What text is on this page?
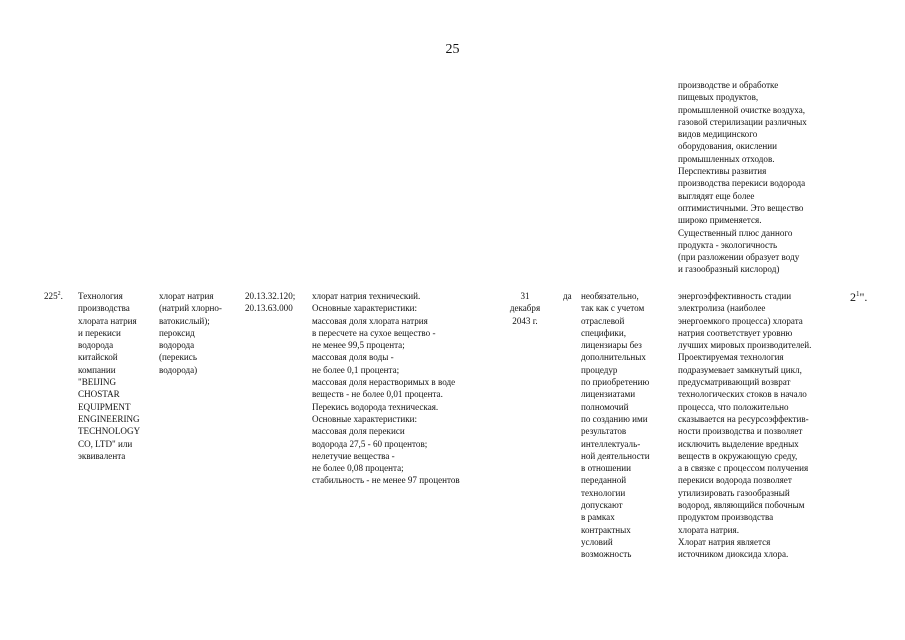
25
производстве и обработке
пищевых продуктов,
промышленной очистке воздуха,
газовой стерилизации различных
видов медицинского
оборудования, окислении
промышленных отходов.
Перспективы развития
производства перекиси водорода
выглядят еще более
оптимистичными. Это вещество
широко применяется.
Существенный плюс данного
продукта - экологичность
(при разложении образует воду
и газообразный кислород)
$225^2$.	Технология
производства
хлората натрия
и перекиси
водорода
китайской
компании
"BEIJING
CHOSTAR
EQUIPMENT
ENGINEERING
TECHNOLOGY
CO, LTD" или
эквивалента
хлорат натрия
(натрий хлорно-
ватокислый);
пероксид
водорода
(перекись
водорода)
20.13.32.120;
20.13.63.000
хлорат натрия технический.
Основные характеристики:
массовая доля хлората натрия
в пересчете на сухое вещество -
не менее 99,5 процента;
массовая доля воды -
не более 0,1 процента;
массовая доля нерастворимых в воде
веществ - не более 0,01 процента.
Перекись водорода техническая.
Основные характеристики:
массовая доля перекиси
водорода 27,5 - 60 процентов;
нелетучие вещества -
не более 0,08 процента;
стабильность - не менее 97 процентов
31
декабря
2043 г.
да	необязательно,
так как с учетом
отраслевой
специфики,
лицензиары без
дополнительных
процедур
по приобретению
лицензиатами
полномочий
по созданию ими
результатов
интеллектуаль-
ной деятельности
в отношении
переданной
технологии
допускают
в рамках
контрактных
условий
возможность
энергоэффективность стадии
электролиза (наиболее
энергоемкого процесса) хлората
натрия соответствует уровню
лучших мировых производителей.
Проектируемая технология
подразумевает замкнутый цикл,
предусматривающий возврат
технологических стоков в начало
процесса, что положительно
сказывается на ресурсоэффектив-
ности производства и позволяет
исключить выделение вредных
веществ в окружающую среду,
а в связке с процессом получения
перекиси водорода позволяет
утилизировать газообразный
водород, являющийся побочным
продуктом производства
хлората натрия.
Хлорат натрия является
источником диоксида хлора.
$2^1$".
